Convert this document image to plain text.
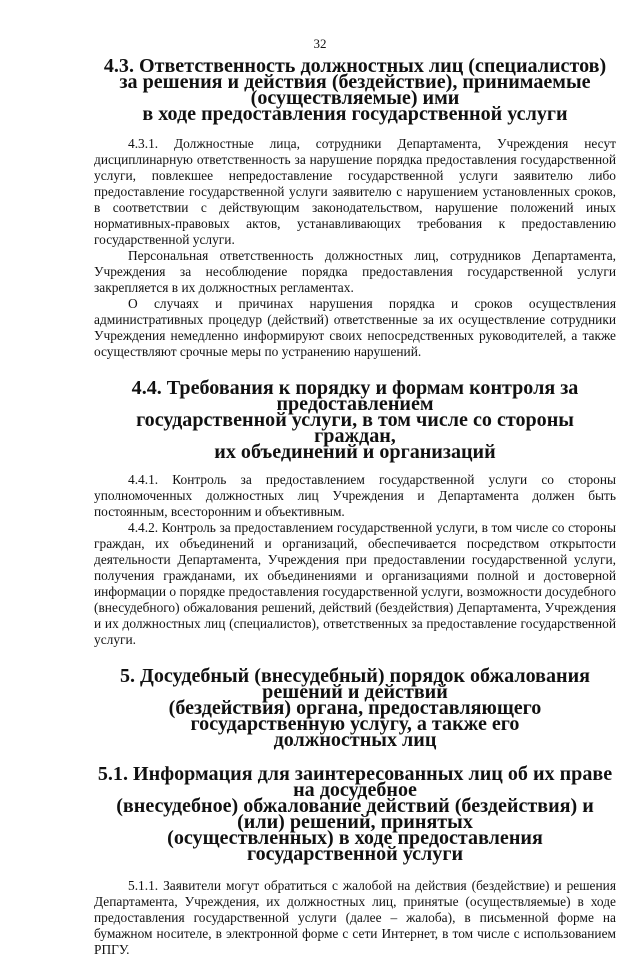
32
4.3. Ответственность должностных лиц (специалистов)
за решения и действия (бездействие), принимаемые (осуществляемые) ими
в ходе предоставления государственной услуги

4.3.1. Должностные лица, сотрудники Департамента, Учреждения несут дисциплинарную ответственность за нарушение порядка предоставления государственной услуги, повлекшее непредоставление государственной услуги заявителю либо предоставление государственной услуги заявителю с нарушением установленных сроков, в соответствии с действующим законодательством, нарушение положений иных нормативных-правовых актов, устанавливающих требования к предоставлению государственной услуги.

Персональная ответственность должностных лиц, сотрудников Департамента, Учреждения за несоблюдение порядка предоставления государственной услуги закрепляется в их должностных регламентах.

О случаях и причинах нарушения порядка и сроков осуществления административных процедур (действий) ответственные за их осуществление сотрудники Учреждения немедленно информируют своих непосредственных руководителей, а также осуществляют срочные меры по устранению нарушений.

4.4. Требования к порядку и формам контроля за предоставлением
государственной услуги, в том числе со стороны граждан,
их объединений и организаций

4.4.1. Контроль за предоставлением государственной услуги со стороны уполномоченных должностных лиц Учреждения и Департамента должен быть постоянным, всесторонним и объективным.

4.4.2. Контроль за предоставлением государственной услуги, в том числе со стороны граждан, их объединений и организаций, обеспечивается посредством открытости деятельности Департамента, Учреждения при предоставлении государственной услуги, получения гражданами, их объединениями и организациями полной и достоверной информации о порядке предоставления государственной услуги, возможности досудебного (внесудебного) обжалования решений, действий (бездействия) Департамента, Учреждения и их должностных лиц (специалистов), ответственных за предоставление государственной услуги.

5. Досудебный (внесудебный) порядок обжалования решений и действий
(бездействия) органа, предоставляющего государственную услугу, а также его
должностных лиц
5.1. Информация для заинтересованных лиц об их праве на досудебное
(внесудебное) обжалование действий (бездействия) и (или) решений, принятых
(осуществленных) в ходе предоставления государственной услуги

5.1.1. Заявители могут обратиться с жалобой на действия (бездействие) и решения Департамента, Учреждения, их должностных лиц, принятые (осуществляемые) в ходе предоставления государственной услуги (далее – жалоба), в письменной форме на бумажном носителе, в электронной форме с сети Интернет, в том числе с использованием РПГУ.
